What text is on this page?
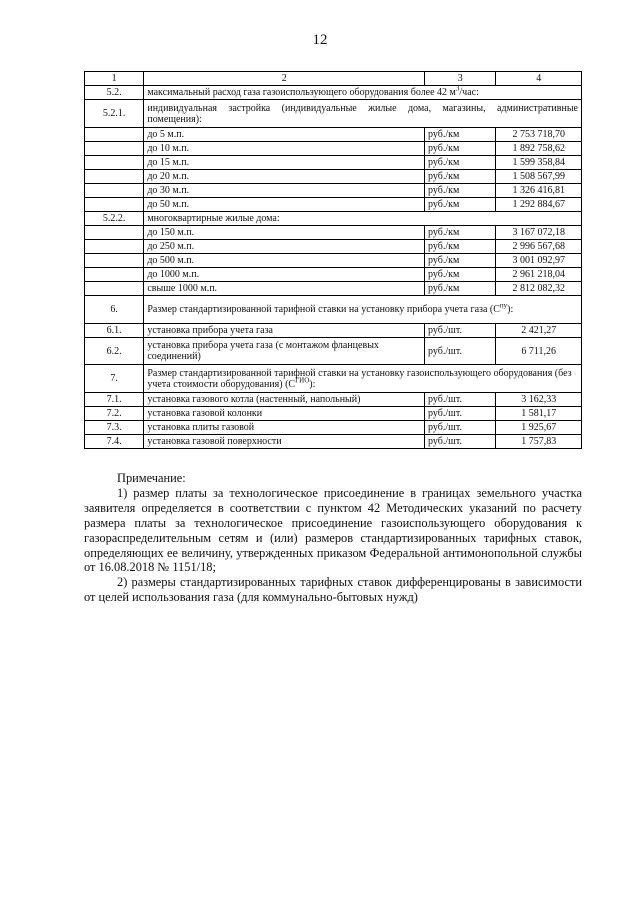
12
1	2	3	4
5.2.	максимальный расход газа газоиспользующего оборудования более 42 $м^3$/час:		
5.2.1.	индивидуальная застройка (индивидуальные жилые дома, магазины, административные помещения):		
	до 5 м.п.	руб./км	2 753 718,70
	до 10 м.п.	руб./км	1 892 758,62
	до 15 м.п.	руб./км	1 599 358,84
	до 20 м.п.	руб./км	1 508 567,99
	до 30 м.п.	руб./км	1 326 416,81
	до 50 м.п.	руб./км	1 292 884,67
5.2.2.	многоквартирные жилые дома:		
	до 150 м.п.	руб./км	3 167 072,18
	до 250 м.п.	руб./км	2 996 567,68
	до 500 м.п.	руб./км	3 001 092,97
	до 1000 м.п.	руб./км	2 961 218,04
	свыше 1000 м.п.	руб./км	2 812 082,32
6.	Размер стандартизированной тарифной ставки на установку прибора учета газа $(С^{пу})$:		
6.1.	установка прибора учета газа	руб./шт.	2 421,27
6.2.	установка прибора учета газа (с монтажом фланцевых соединений)	руб./шт.	6 711,26
7.	Размер стандартизированной тарифной ставки на установку газоиспользующего оборудования (без учета стоимости оборудования) $(С^{ГИО})$:		
7.1.	установка газового котла (настенный, напольный)	руб./шт.	3 162,33
7.2.	установка газовой колонки	руб./шт.	1 581,17
7.3.	установка плиты газовой	руб./шт.	1 925,67
7.4.	установка газовой поверхности	руб./шт.	1 757,83

Примечание:

1) размер платы за технологическое присоединение в границах земельного участка заявителя определяется в соответствии с пунктом 42 Методических указаний по расчету размера платы за технологическое присоединение газоиспользующего оборудования к газораспределительным сетям и (или) размеров стандартизированных тарифных ставок, определяющих ее величину, утвержденных приказом Федеральной антимонопольной службы от 16.08.2018 № 1151/18;

2) размеры стандартизированных тарифных ставок дифференцированы в зависимости от целей использования газа (для коммунально-бытовых нужд)
